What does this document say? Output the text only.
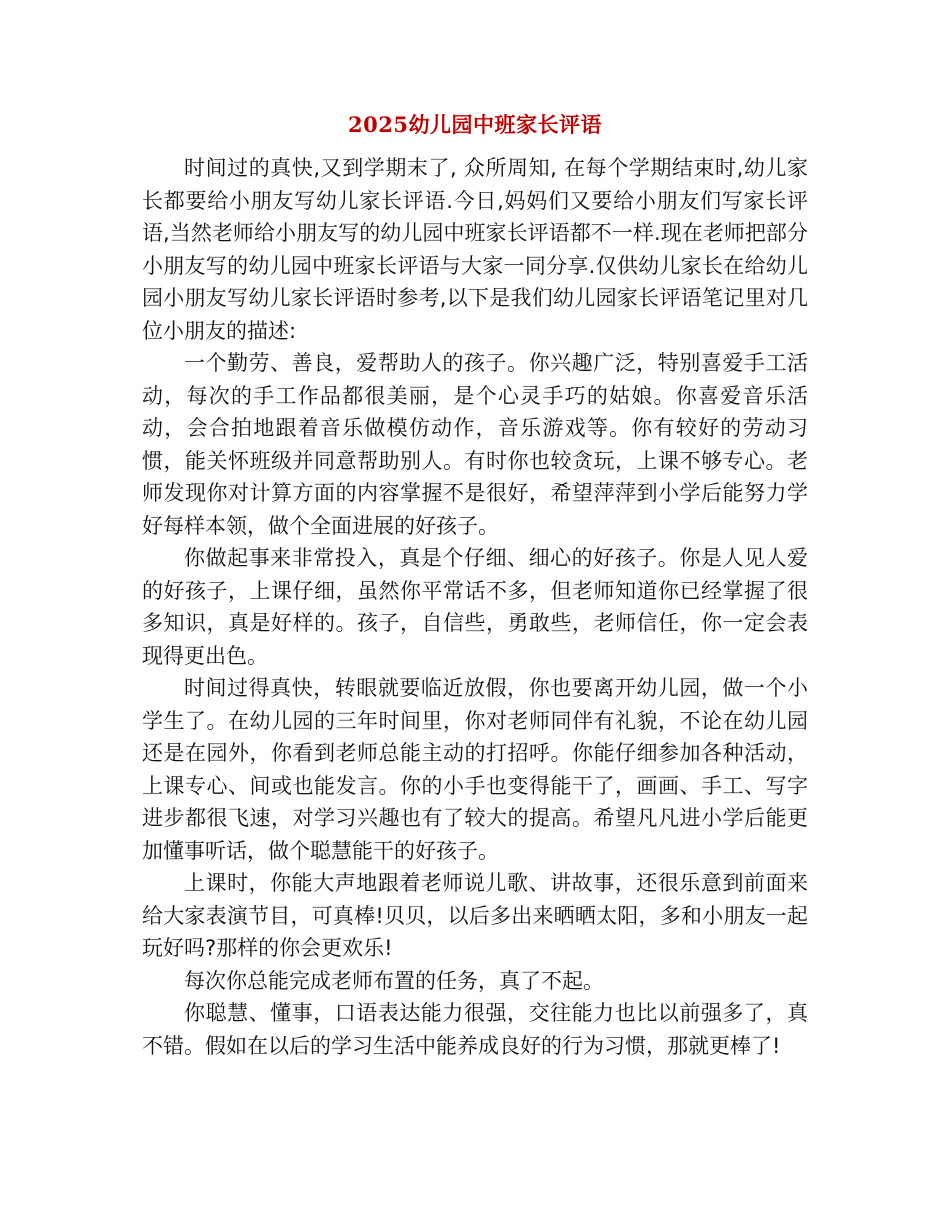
2025幼儿园中班家长评语

时间过的真快,又到学期末了, 众所周知, 在每个学期结束时,幼儿家长都要给小朋友写幼儿家长评语.今日,妈妈们又要给小朋友们写家长评语,当然老师给小朋友写的幼儿园中班家长评语都不一样.现在老师把部分小朋友写的幼儿园中班家长评语与大家一同分享.仅供幼儿家长在给幼儿园小朋友写幼儿家长评语时参考,以下是我们幼儿园家长评语笔记里对几位小朋友的描述:

一个勤劳、善良，爱帮助人的孩子。你兴趣广泛，特别喜爱手工活动，每次的手工作品都很美丽，是个心灵手巧的姑娘。你喜爱音乐活动，会合拍地跟着音乐做模仿动作，音乐游戏等。你有较好的劳动习惯，能关怀班级并同意帮助别人。有时你也较贪玩，上课不够专心。老师发现你对计算方面的内容掌握不是很好，希望萍萍到小学后能努力学好每样本领，做个全面进展的好孩子。

你做起事来非常投入，真是个仔细、细心的好孩子。你是人见人爱的好孩子，上课仔细，虽然你平常话不多，但老师知道你已经掌握了很多知识，真是好样的。孩子，自信些，勇敢些，老师信任，你一定会表现得更出色。

时间过得真快，转眼就要临近放假，你也要离开幼儿园，做一个小学生了。在幼儿园的三年时间里，你对老师同伴有礼貌，不论在幼儿园还是在园外，你看到老师总能主动的打招呼。你能仔细参加各种活动，上课专心、间或也能发言。你的小手也变得能干了，画画、手工、写字进步都很飞速，对学习兴趣也有了较大的提高。希望凡凡进小学后能更加懂事听话，做个聪慧能干的好孩子。

上课时，你能大声地跟着老师说儿歌、讲故事，还很乐意到前面来给大家表演节目，可真棒!贝贝，以后多出来晒晒太阳，多和小朋友一起玩好吗?那样的你会更欢乐!

每次你总能完成老师布置的任务，真了不起。

你聪慧、懂事，口语表达能力很强，交往能力也比以前强多了，真不错。假如在以后的学习生活中能养成良好的行为习惯，那就更棒了!
